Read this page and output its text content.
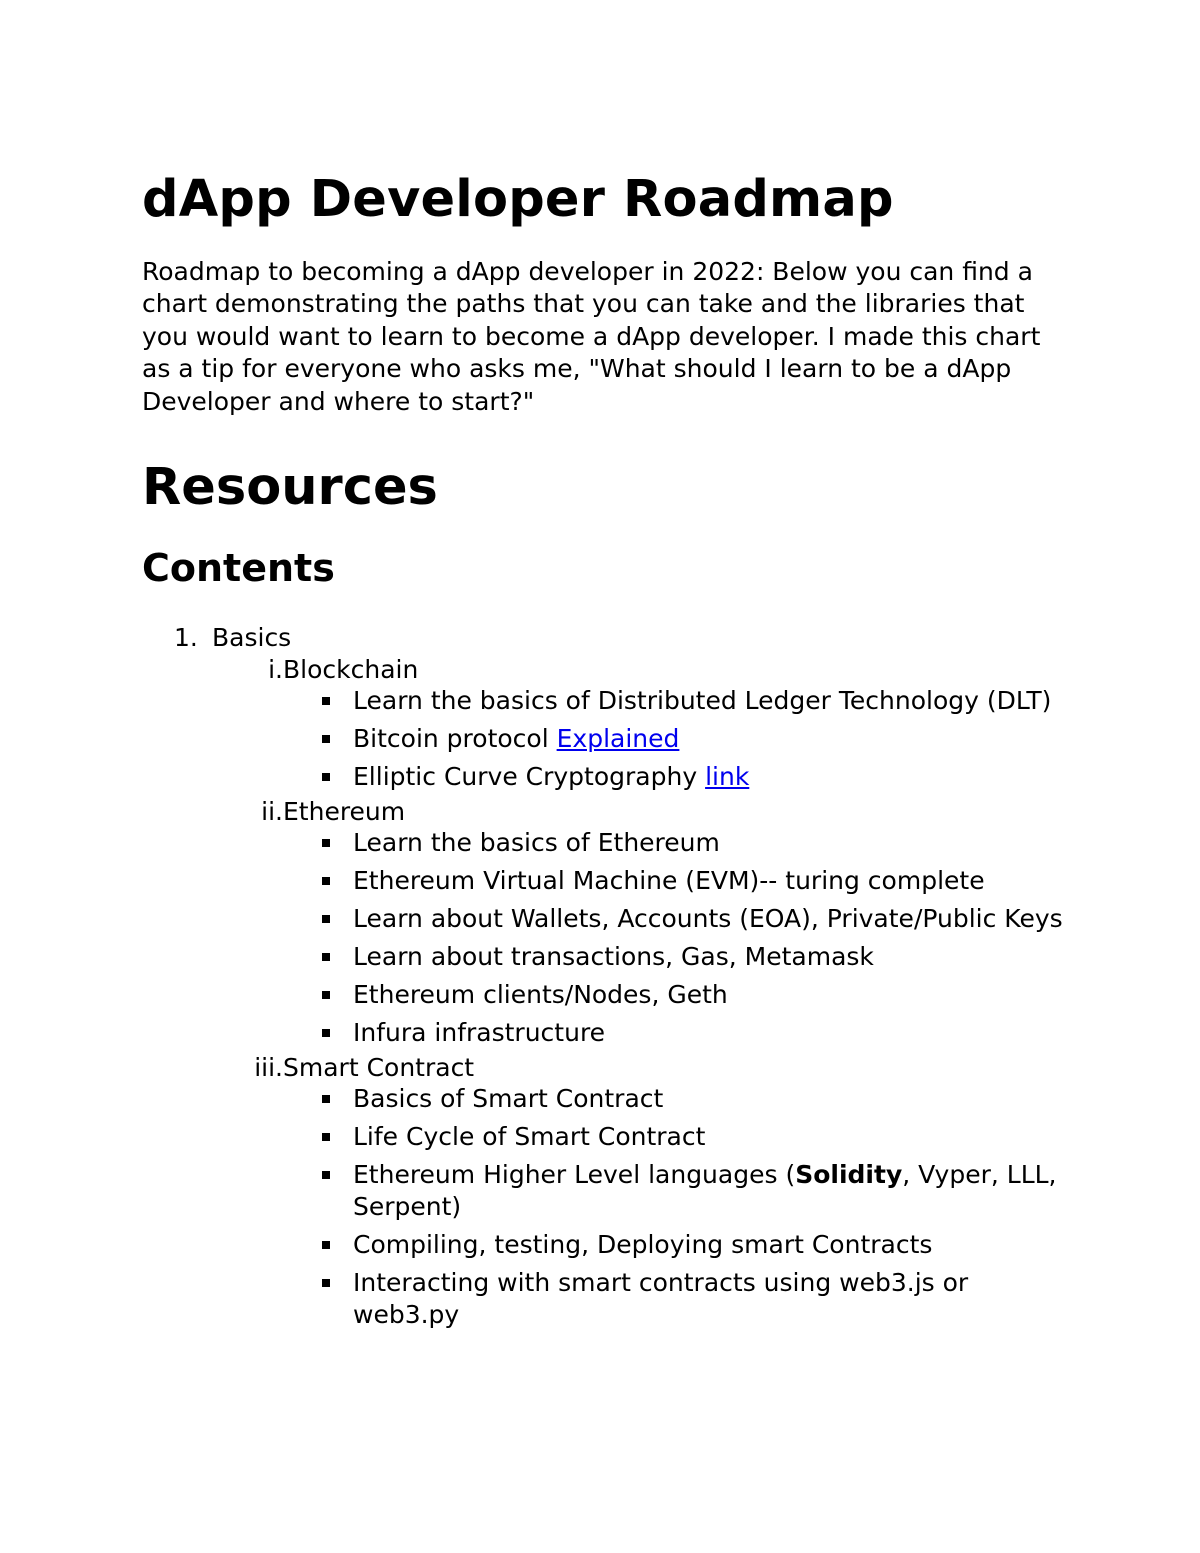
dApp Developer Roadmap

Roadmap to becoming a dApp developer in 2022: Below you can find a chart demonstrating the paths that you can take and the libraries that you would want to learn to become a dApp developer. I made this chart as a tip for everyone who asks me, "What should I learn to be a dApp Developer and where to start?"

Resources
Contents
1. Basics
i. Blockchain
Learn the basics of Distributed Ledger Technology (DLT)
Bitcoin protocol Explained
Elliptic Curve Cryptography link
ii. Ethereum
Learn the basics of Ethereum
Ethereum Virtual Machine (EVM)-- turing complete
Learn about Wallets, Accounts (EOA), Private/Public Keys
Learn about transactions, Gas, Metamask
Ethereum clients/Nodes, Geth
Infura infrastructure
iii. Smart Contract
Basics of Smart Contract
Life Cycle of Smart Contract
Ethereum Higher Level languages (Solidity, Vyper, LLL, Serpent)
Compiling, testing, Deploying smart Contracts
Interacting with smart contracts using web3.js or web3.py
